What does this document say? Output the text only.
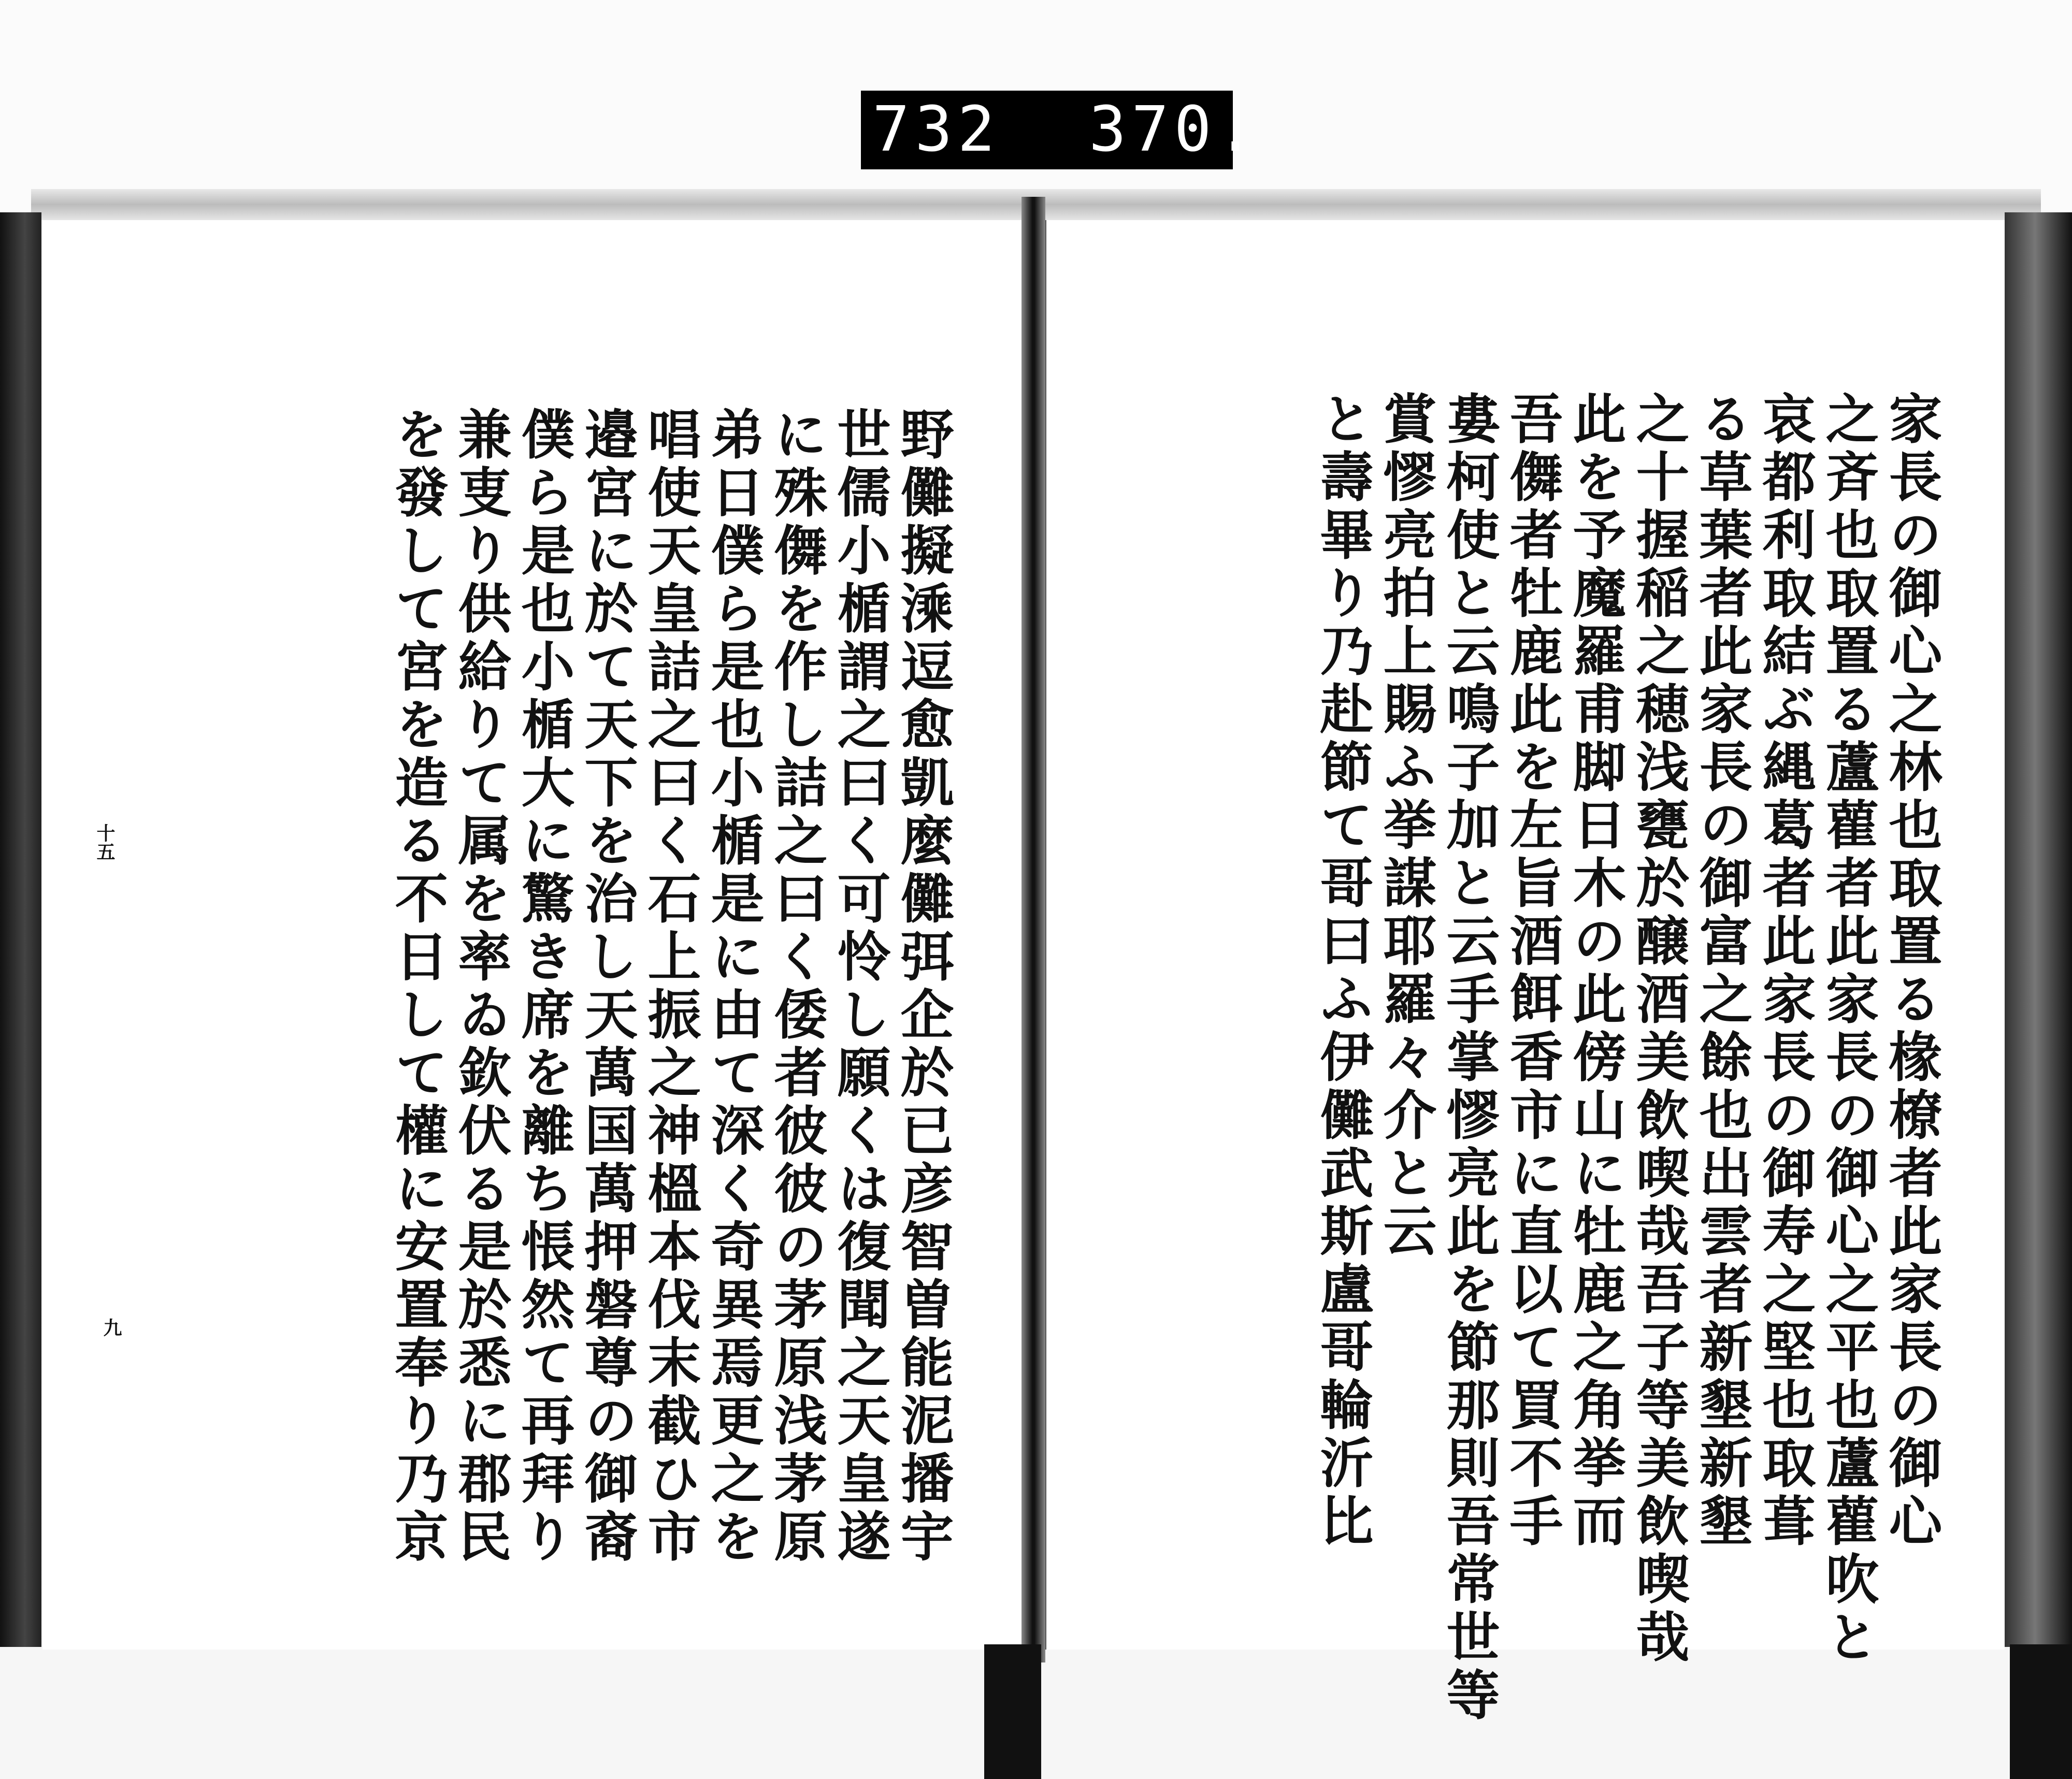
732 370.
十五
九	野儺擬溗逗愈凱麼儺弭企於已彦智曽能泥播宇
世儒小楯謂之曰く可怜し願くは復聞之天皇遂
に殊儛を作し詰之曰く倭者彼彼の茅原浅茅原
弟日僕ら是也小楯是に由て深く奇異焉更之を
唱使天皇詰之曰く石上振之神榲本伐末截ひ市
邉宮に於て天下を治し天萬国萬押磐尊の御裔
僕ら是也小楯大に驚き席を離ち悵然て再拜り
兼叓り供給りて属を率ゐ欽伏る是於悉に郡民
を發して宮を造る不日して權に安置奉り乃京	家長の御心之林也取置る椽橑者此家長の御心
之斉也取置る蘆雚者此家長の御心之平也蘆雚吹と
哀都利取結ぶ縄葛者此家長の御寿之堅也取葺
る草葉者此家長の御富之餘也出雲者新墾新墾
之十握稲之穂浅甕於醸酒美飲喫哉吾子等美飲喫哉
此を予魔羅甫脚日木の此傍山に牡鹿之角挙而
吾儛者牡鹿此を左旨酒餌香市に直以て買不手
婁柯使と云鳴子加と云手掌憀亮此を節那則吾常世等
賞憀亮拍上賜ふ挙謀耶羅々介と云
と壽畢り乃赴節て哥曰ふ伊儺武斯盧哥輪沂比
